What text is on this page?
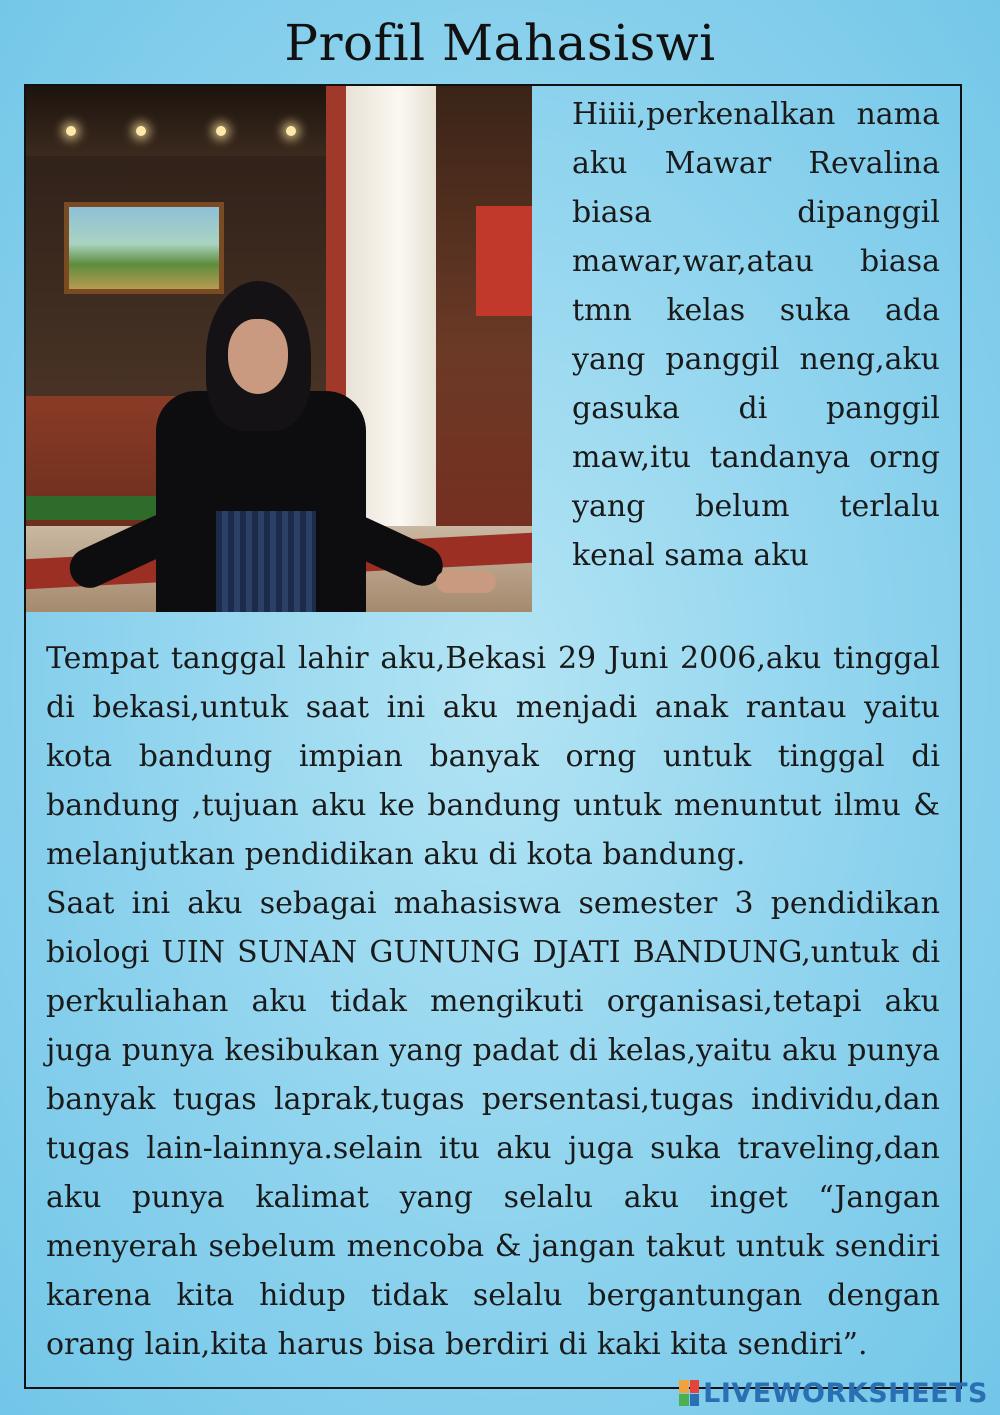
Profil Mahasiswi

Hiiii,perkenalkan nama aku Mawar Revalina biasa dipanggil mawar,war,atau biasa tmn kelas suka ada yang panggil neng,aku gasuka di panggil maw,itu tandanya orng yang belum terlalu kenal sama aku

Tempat tanggal lahir aku,Bekasi 29 Juni 2006,aku tinggal di bekasi,untuk saat ini aku menjadi anak rantau yaitu kota bandung impian banyak orng untuk tinggal di bandung ,tujuan aku ke bandung untuk menuntut ilmu & melanjutkan pendidikan aku di kota bandung.

Saat ini aku sebagai mahasiswa semester 3 pendidikan biologi UIN SUNAN GUNUNG DJATI BANDUNG,untuk di perkuliahan aku tidak mengikuti organisasi,tetapi aku juga punya kesibukan yang padat di kelas,yaitu aku punya banyak tugas laprak,tugas persentasi,tugas individu,dan tugas lain-lainnya.selain itu aku juga suka traveling,dan aku punya kalimat yang selalu aku inget “Jangan menyerah sebelum mencoba & jangan takut untuk sendiri karena kita hidup tidak selalu bergantungan dengan orang lain,kita harus bisa berdiri di kaki kita sendiri”.

LIVEWORKSHEETS
